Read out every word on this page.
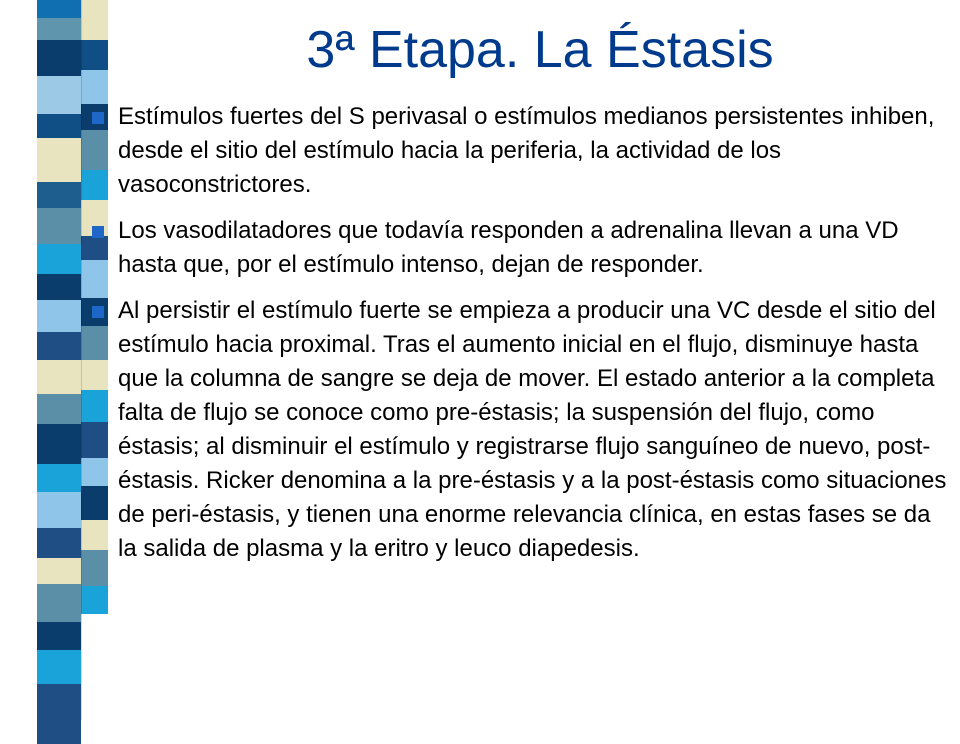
3ª Etapa. La Éstasis
Estímulos fuertes del S perivasal o estímulos medianos persistentes inhiben, desde el sitio del estímulo hacia la periferia, la actividad de los vasoconstrictores.
Los vasodilatadores que todavía responden a adrenalina llevan a una VD hasta que, por el estímulo intenso, dejan de responder.
Al persistir el estímulo fuerte se empieza a producir una VC desde el sitio del estímulo hacia proximal. Tras el aumento inicial en el flujo, disminuye hasta que la columna de sangre se deja de mover. El estado anterior a la completa falta de flujo se conoce como pre-éstasis; la suspensión del flujo, como éstasis; al disminuir el estímulo y registrarse flujo sanguíneo de nuevo, post-éstasis. Ricker denomina a la pre-éstasis y a la post-éstasis como situaciones de peri-éstasis, y tienen una enorme relevancia clínica, en estas fases se da la salida de plasma y la eritro y leuco diapedesis.
